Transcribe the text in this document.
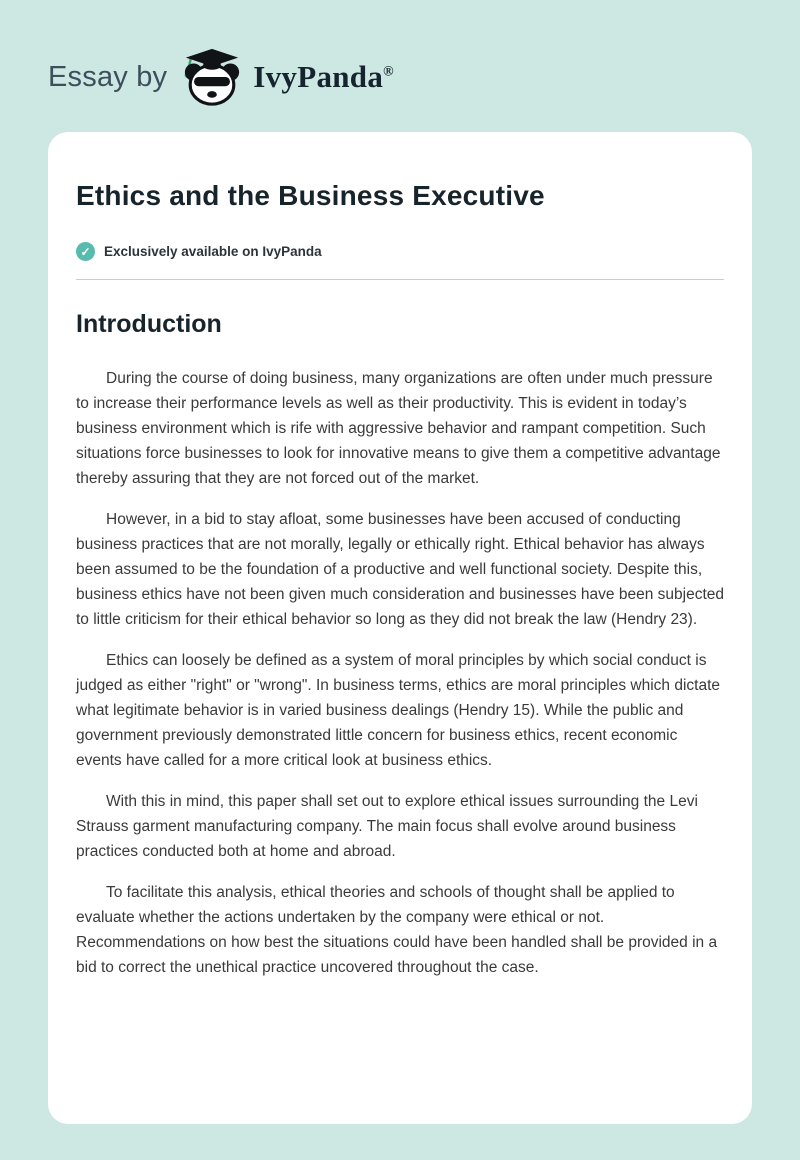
Essay by	IvyPanda®
Ethics and the Business Executive
✓ Exclusively available on IvyPanda
Introduction

During the course of doing business, many organizations are often under much pressure to increase their performance levels as well as their productivity. This is evident in today’s business environment which is rife with aggressive behavior and rampant competition. Such situations force businesses to look for innovative means to give them a competitive advantage thereby assuring that they are not forced out of the market.

However, in a bid to stay afloat, some businesses have been accused of conducting business practices that are not morally, legally or ethically right. Ethical behavior has always been assumed to be the foundation of a productive and well functional society. Despite this, business ethics have not been given much consideration and businesses have been subjected to little criticism for their ethical behavior so long as they did not break the law (Hendry 23).

Ethics can loosely be defined as a system of moral principles by which social conduct is judged as either "right" or "wrong". In business terms, ethics are moral principles which dictate what legitimate behavior is in varied business dealings (Hendry 15). While the public and government previously demonstrated little concern for business ethics, recent economic events have called for a more critical look at business ethics.

With this in mind, this paper shall set out to explore ethical issues surrounding the Levi Strauss garment manufacturing company. The main focus shall evolve around business practices conducted both at home and abroad.

To facilitate this analysis, ethical theories and schools of thought shall be applied to evaluate whether the actions undertaken by the company were ethical or not. Recommendations on how best the situations could have been handled shall be provided in a bid to correct the unethical practice uncovered throughout the case.
